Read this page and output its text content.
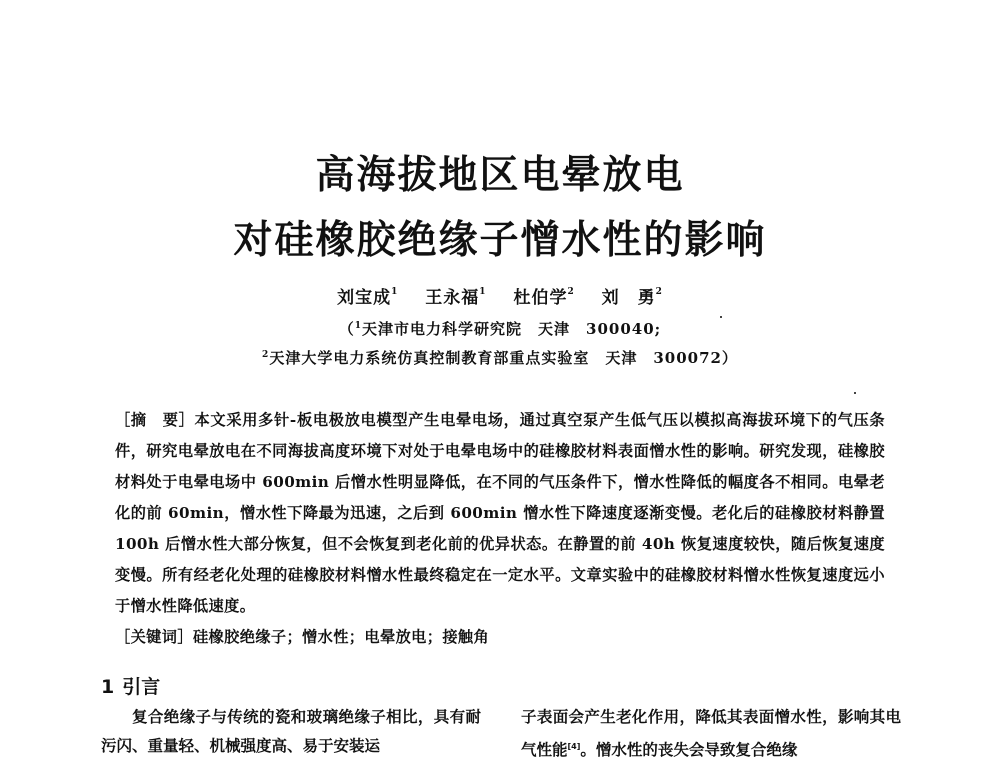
高海拔地区电晕放电
对硅橡胶绝缘子憎水性的影响
刘宝成$^1$ 王永福$^1$ 杜伯学$^2$ 刘　勇$^2$
（$^1$天津市电力科学研究院　天津　300040;
$^2$天津大学电力系统仿真控制教育部重点实验室　天津　300072）
［摘　要］本文采用多针-板电极放电模型产生电晕电场，通过真空泵产生低气压以模拟高海拔环境下的气压条件，研究电晕放电在不同海拔高度环境下对处于电晕电场中的硅橡胶材料表面憎水性的影响。研究发现，硅橡胶材料处于电晕电场中 600min 后憎水性明显降低，在不同的气压条件下，憎水性降低的幅度各不相同。电晕老化的前 60min，憎水性下降最为迅速，之后到 600min 憎水性下降速度逐渐变慢。老化后的硅橡胶材料静置 100h 后憎水性大部分恢复，但不会恢复到老化前的优异状态。在静置的前 40h 恢复速度较快，随后恢复速度变慢。所有经老化处理的硅橡胶材料憎水性最终稳定在一定水平。文章实验中的硅橡胶材料憎水性恢复速度远小于憎水性降低速度。
［关键词］硅橡胶绝缘子；憎水性；电晕放电；接触角
1 引言
复合绝缘子与传统的瓷和玻璃绝缘子相比，具有耐污闪、重量轻、机械强度高、易于安装运
子表面会产生老化作用，降低其表面憎水性，影响其电气性能[4]。憎水性的丧失会导致复合绝缘
